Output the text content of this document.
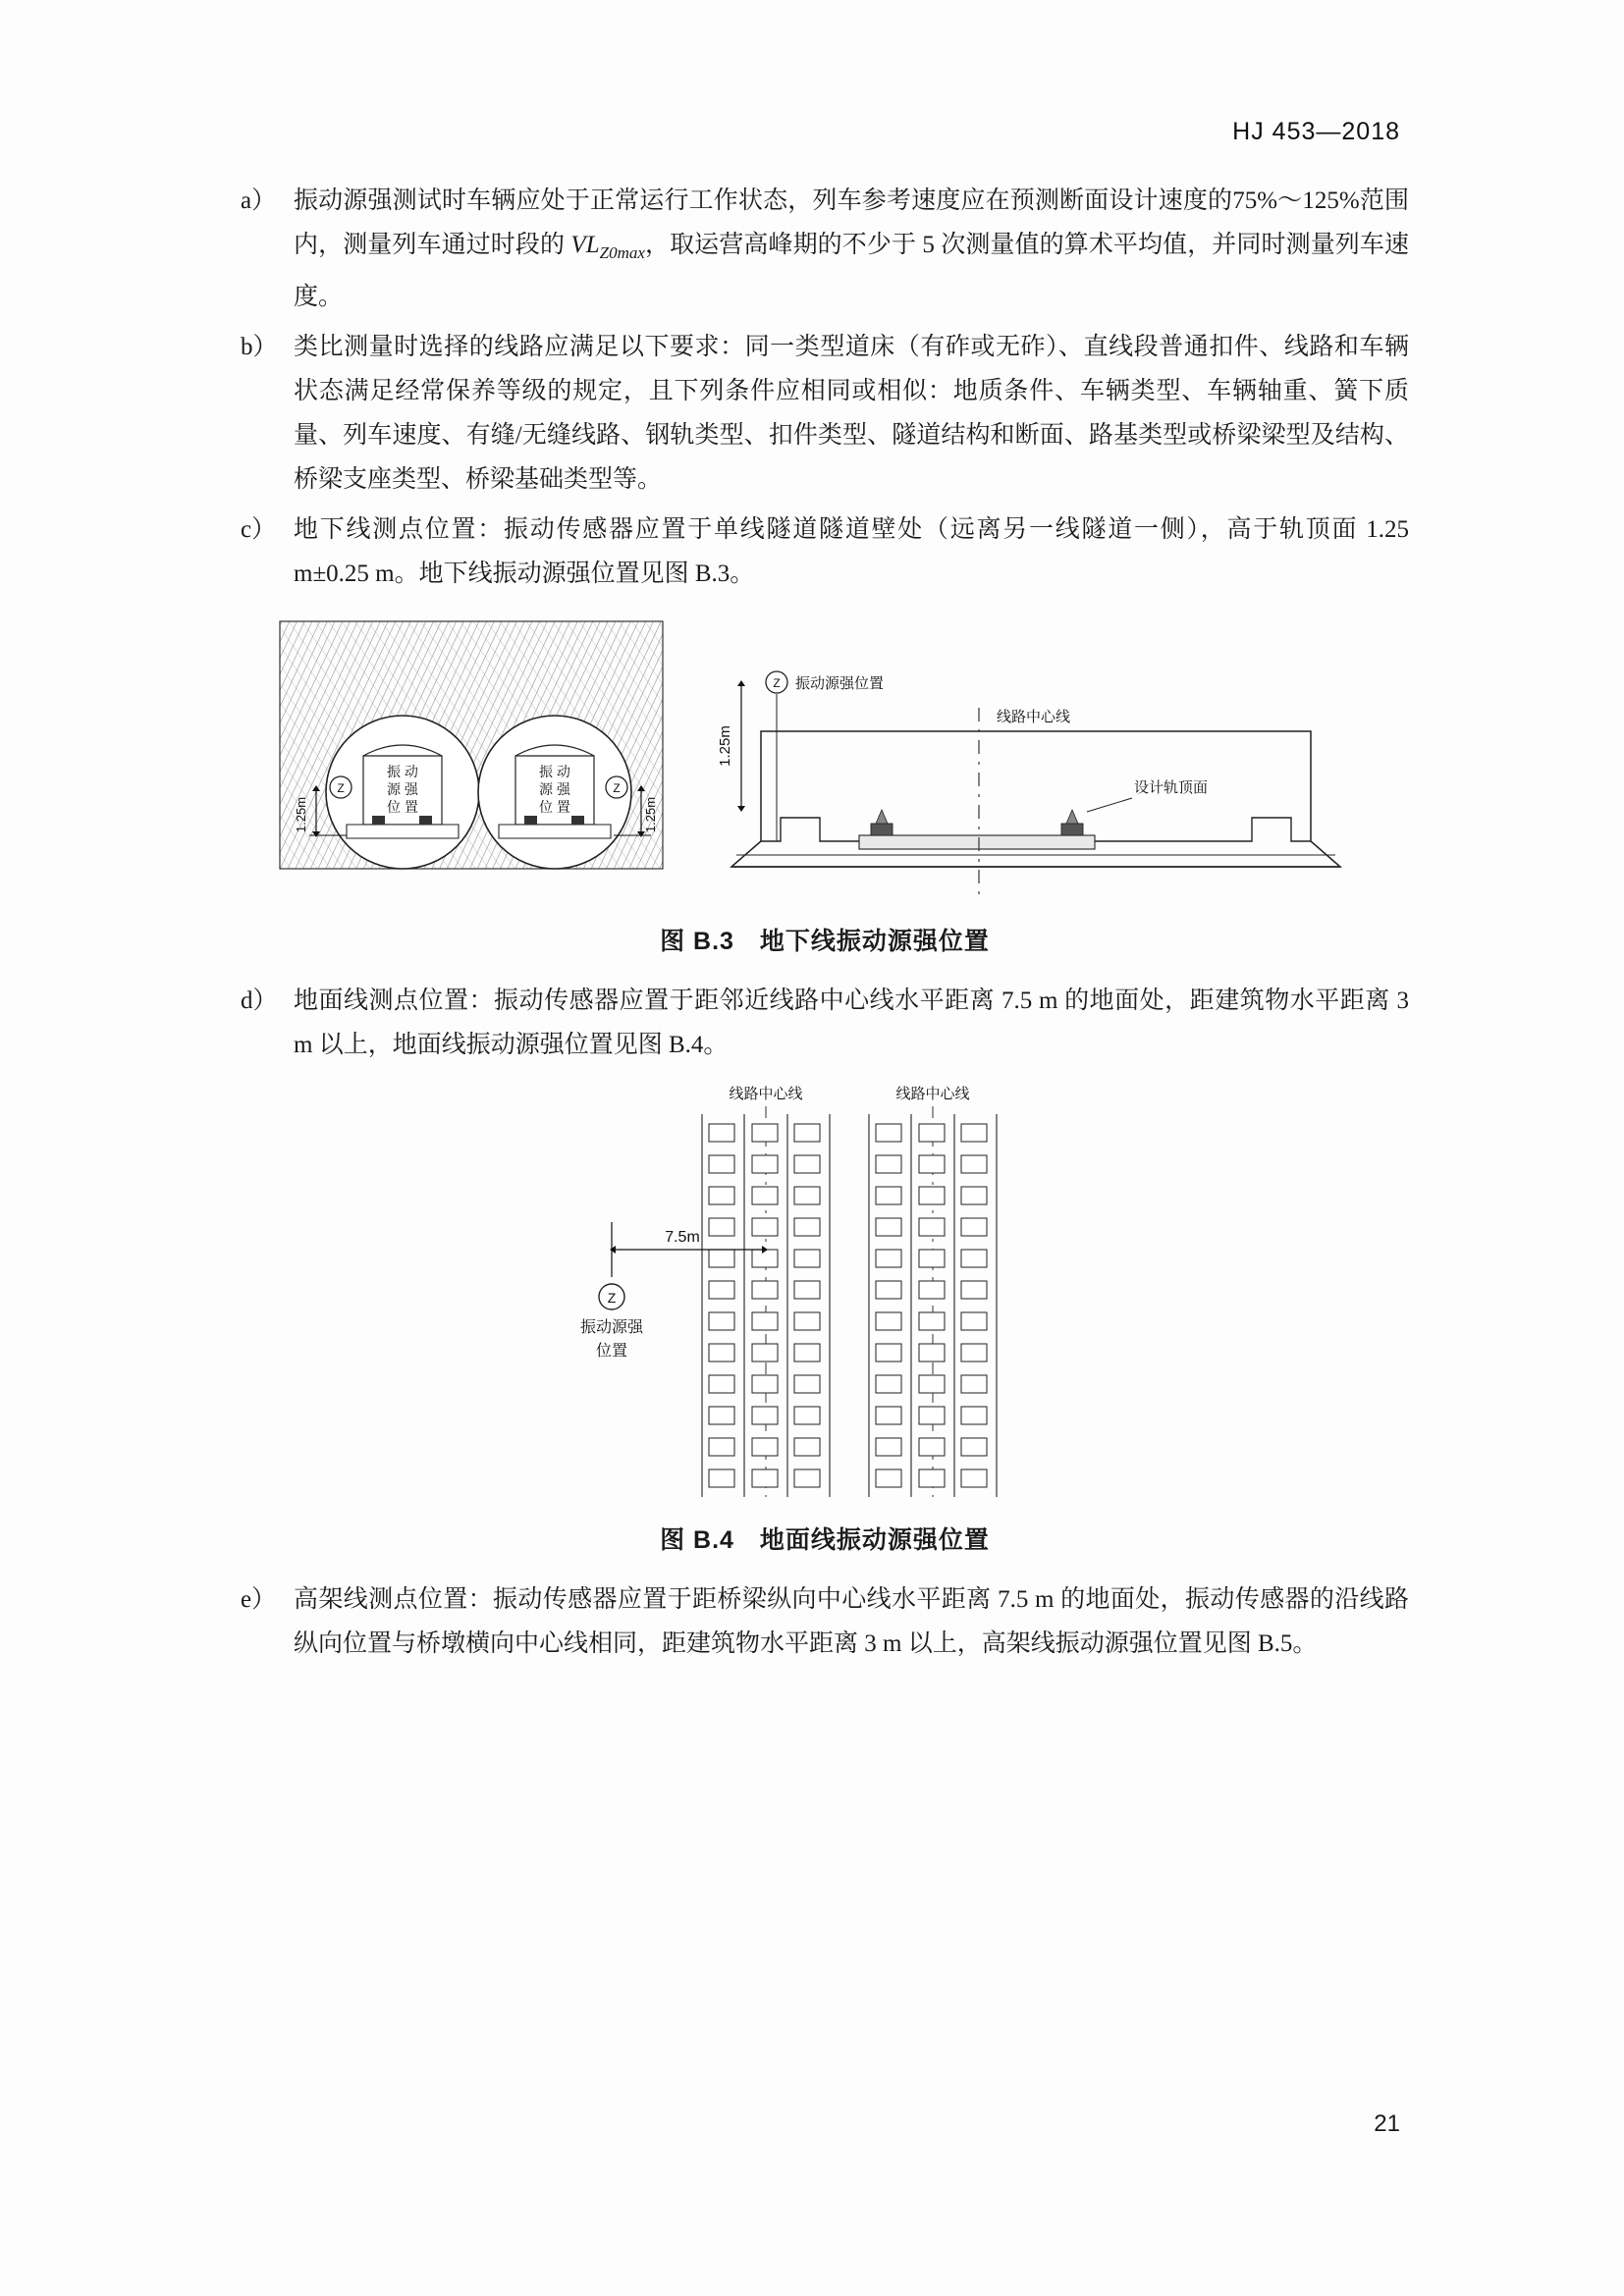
HJ 453—2018
a） 振动源强测试时车辆应处于正常运行工作状态，列车参考速度应在预测断面设计速度的75%～125%范围内，测量列车通过时段的 $VL_{Z0max}$，取运营高峰期的不少于 5 次测量值的算术平均值，并同时测量列车速度。
b） 类比测量时选择的线路应满足以下要求：同一类型道床（有砟或无砟）、直线段普通扣件、线路和车辆状态满足经常保养等级的规定，且下列条件应相同或相似：地质条件、车辆类型、车辆轴重、簧下质量、列车速度、有缝/无缝线路、钢轨类型、扣件类型、隧道结构和断面、路基类型或桥梁梁型及结构、桥梁支座类型、桥梁基础类型等。
c） 地下线测点位置：振动传感器应置于单线隧道隧道壁处（远离另一线隧道一侧），高于轨顶面 1.25 m±0.25 m。地下线振动源强位置见图 B.3。
Z	Z
振 动
源 强
位 置
振 动
源 强
位 置
1.25m	1.25m
Z 振动源强位置
线路中心线
设计轨顶面
1.25m
图 B.3 地下线振动源强位置
d） 地面线测点位置：振动传感器应置于距邻近线路中心线水平距离 7.5 m 的地面处，距建筑物水平距离 3 m 以上，地面线振动源强位置见图 B.4。
线路中心线	线路中心线
7.5m
Z
振动源强
位置
图 B.4 地面线振动源强位置
e） 高架线测点位置：振动传感器应置于距桥梁纵向中心线水平距离 7.5 m 的地面处，振动传感器的沿线路纵向位置与桥墩横向中心线相同，距建筑物水平距离 3 m 以上，高架线振动源强位置见图 B.5。
21
